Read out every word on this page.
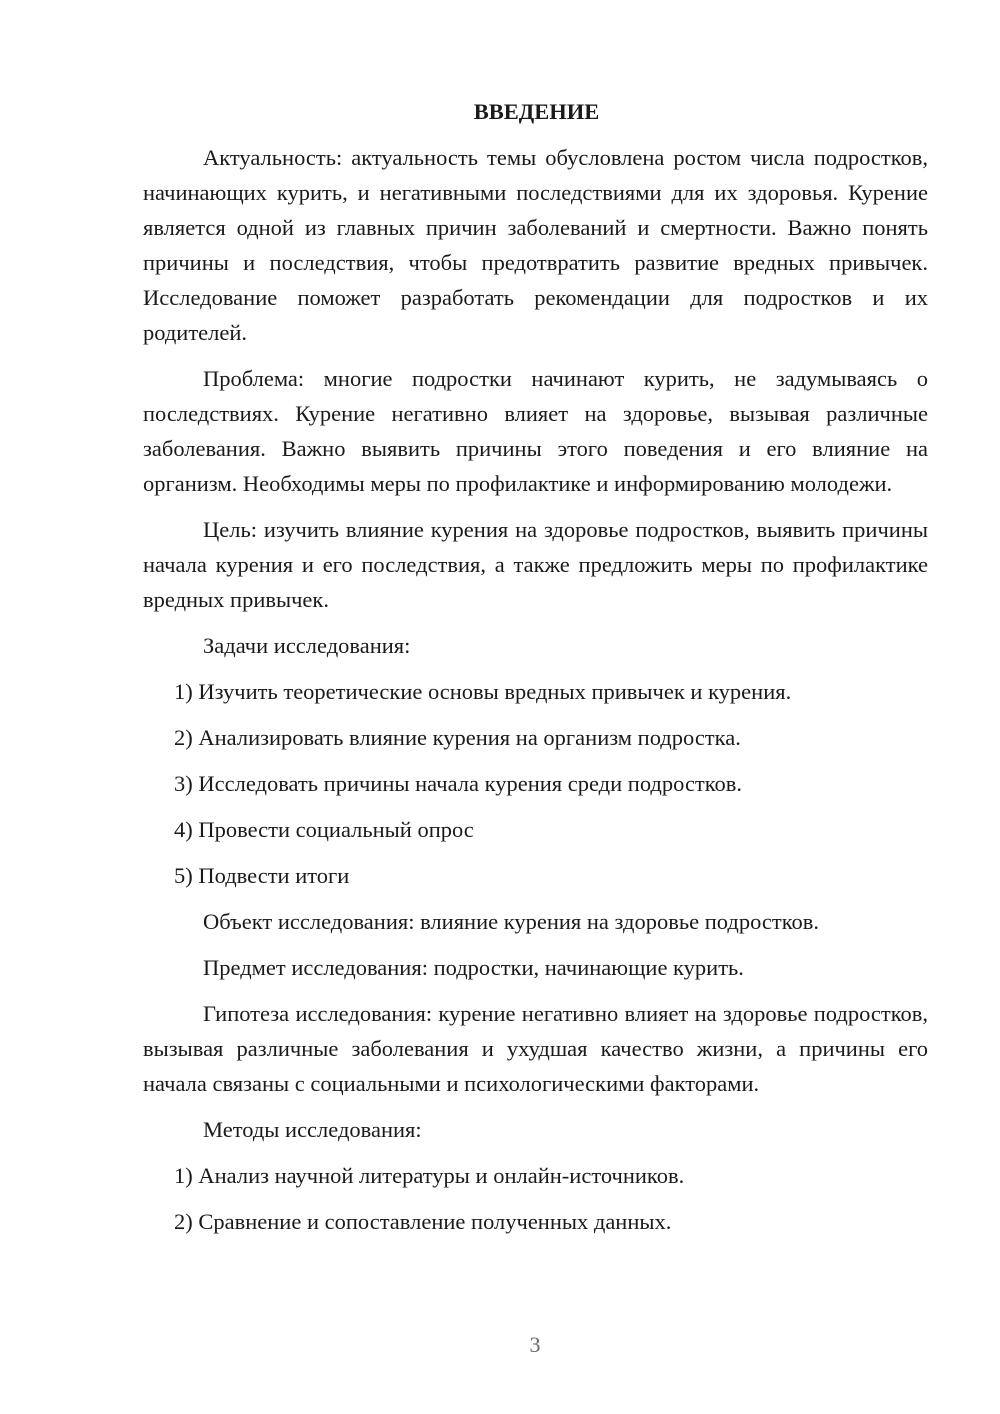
ВВЕДЕНИЕ
Актуальность: актуальность темы обусловлена ростом числа подростков, начинающих курить, и негативными последствиями для их здоровья. Курение является одной из главных причин заболеваний и смертности. Важно понять причины и последствия, чтобы предотвратить развитие вредных привычек. Исследование поможет разработать рекомендации для подростков и их родителей.
Проблема: многие подростки начинают курить, не задумываясь о последствиях. Курение негативно влияет на здоровье, вызывая различные заболевания. Важно выявить причины этого поведения и его влияние на организм. Необходимы меры по профилактике и информированию молодежи.
Цель: изучить влияние курения на здоровье подростков, выявить причины начала курения и его последствия, а также предложить меры по профилактике вредных привычек.
Задачи исследования:
1) Изучить теоретические основы вредных привычек и курения.
2) Анализировать влияние курения на организм подростка.
3) Исследовать причины начала курения среди подростков.
4) Провести социальный опрос
5) Подвести итоги
Объект исследования: влияние курения на здоровье подростков.
Предмет исследования: подростки, начинающие курить.
Гипотеза исследования: курение негативно влияет на здоровье подростков, вызывая различные заболевания и ухудшая качество жизни, а причины его начала связаны с социальными и психологическими факторами.
Методы исследования:
1) Анализ научной литературы и онлайн-источников.
2) Сравнение и сопоставление полученных данных.
3
